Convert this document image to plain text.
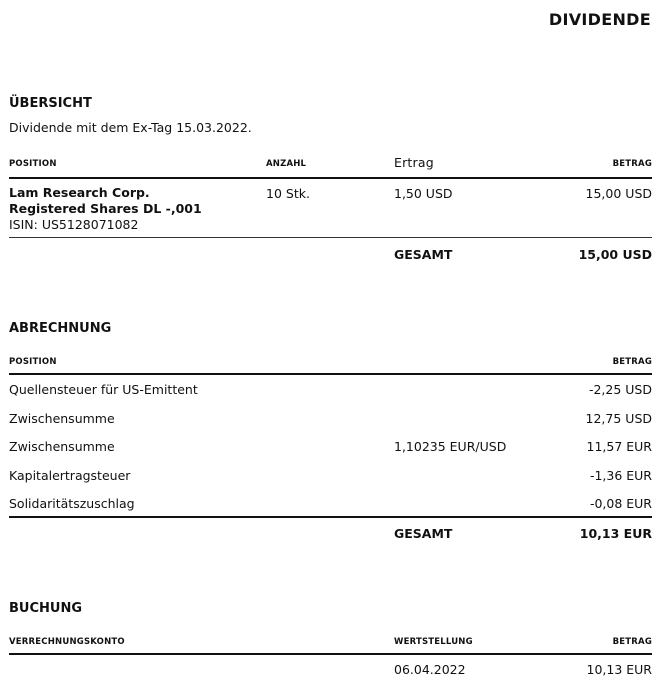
DIVIDENDE
ÜBERSICHT
Dividende mit dem Ex-Tag 15.03.2022.
POSITION	ANZAHL	Ertrag	BETRAG
Lam Research Corp.
Registered Shares DL -,001
ISIN: US5128071082
10 Stk.	1,50 USD	15,00 USD
GESAMT	15,00 USD
ABRECHNUNG
POSITION	BETRAG
Quellensteuer für US-Emittent	-2,25 USD
Zwischensumme	12,75 USD
Zwischensumme	1,10235 EUR/USD	11,57 EUR
Kapitalertragsteuer	-1,36 EUR
Solidaritätszuschlag	-0,08 EUR
GESAMT	10,13 EUR
BUCHUNG
VERRECHNUNGSKONTO	WERTSTELLUNG	BETRAG
06.04.2022	10,13 EUR
